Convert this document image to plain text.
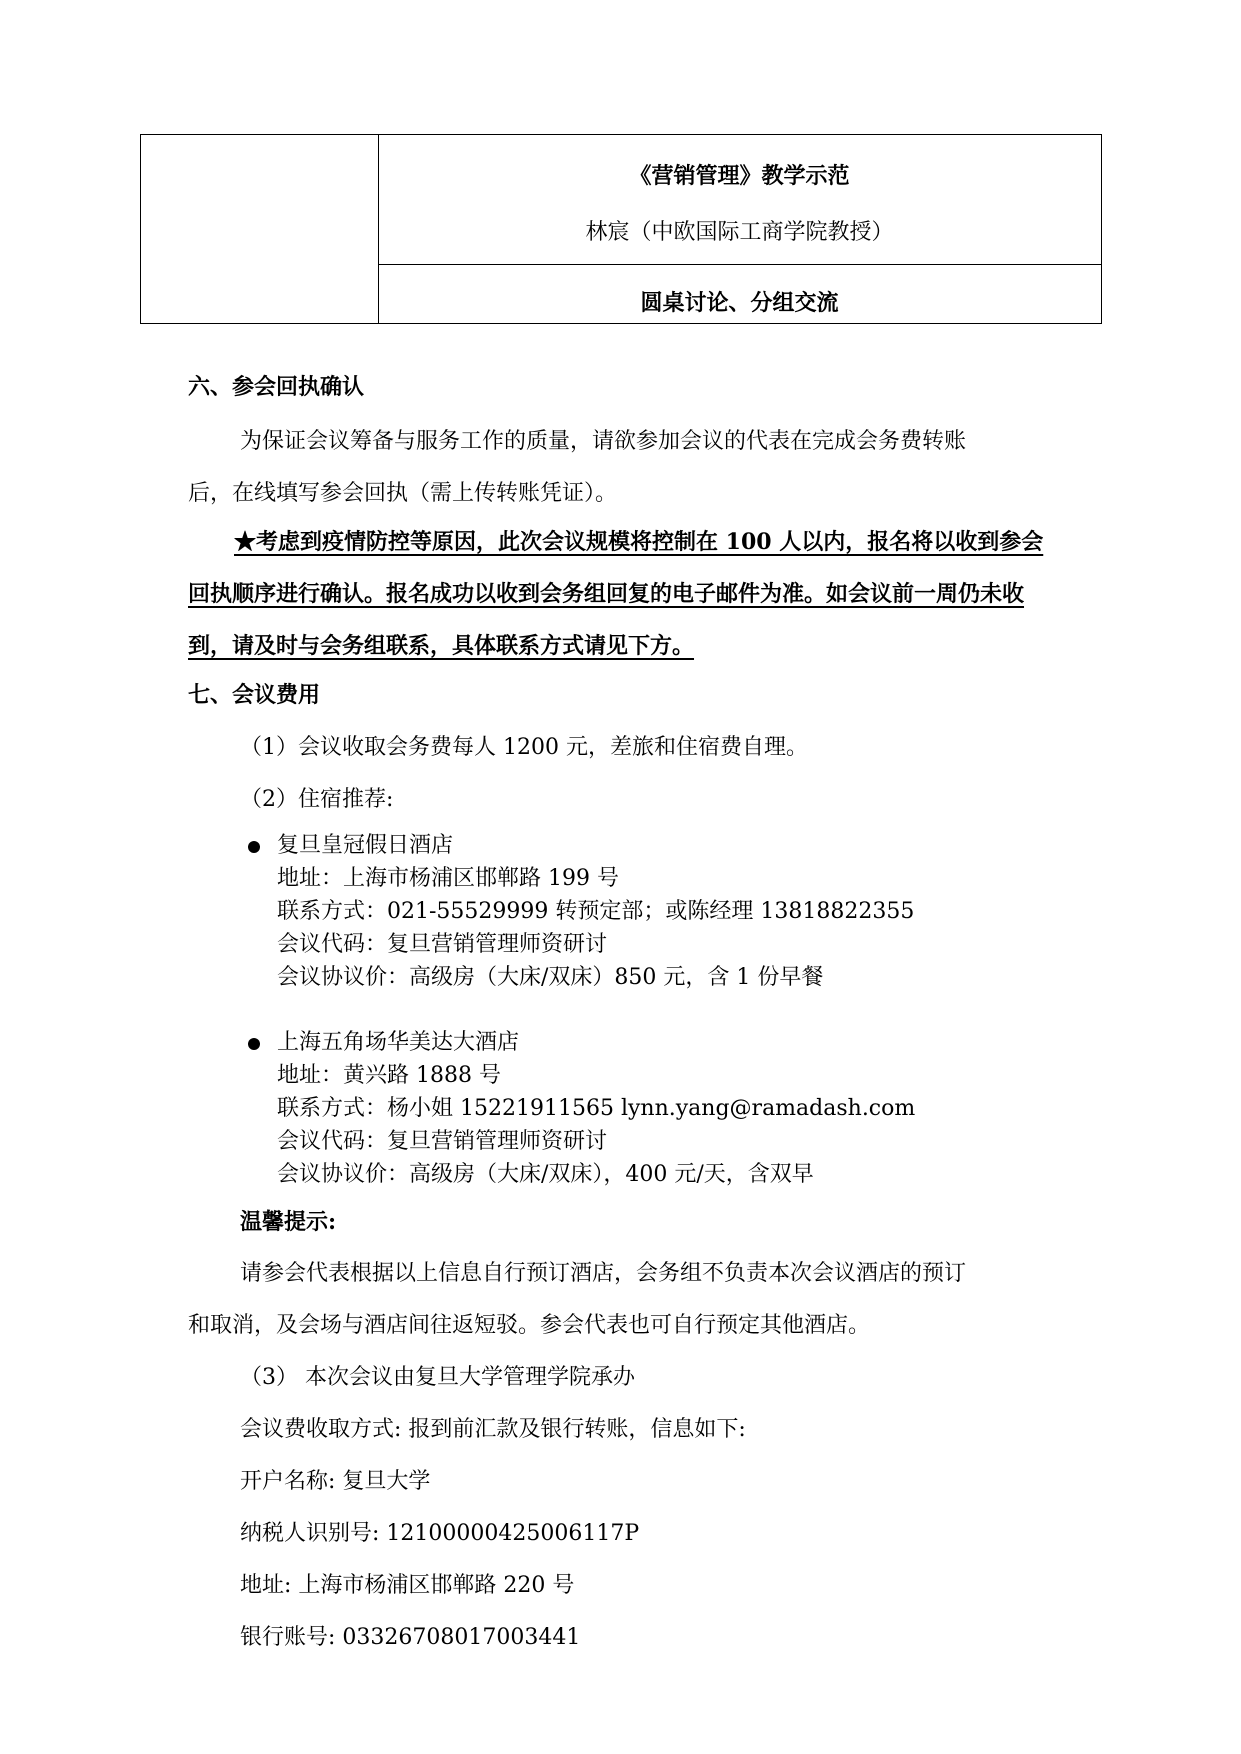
《营销管理》教学示范
林宸（中欧国际工商学院教授）
圆桌讨论、分组交流
六、参会回执确认
为保证会议筹备与服务工作的质量，请欲参加会议的代表在完成会务费转账
后，在线填写参会回执（需上传转账凭证）。
★考虑到疫情防控等原因，此次会议规模将控制在 100 人以内，报名将以收到参会
回执顺序进行确认。报名成功以收到会务组回复的电子邮件为准。如会议前一周仍未收
到，请及时与会务组联系，具体联系方式请见下方。
七、会议费用
（1）会议收取会务费每人 1200 元，差旅和住宿费自理。
（2）住宿推荐:
复旦皇冠假日酒店
地址：上海市杨浦区邯郸路 199 号
联系方式：021-55529999 转预定部；或陈经理 13818822355
会议代码：复旦营销管理师资研讨
会议协议价：高级房（大床/双床）850 元，含 1 份早餐
上海五角场华美达大酒店
地址：黄兴路 1888 号
联系方式：杨小姐 15221911565 lynn.yang@ramadash.com
会议代码：复旦营销管理师资研讨
会议协议价：高级房（大床/双床），400 元/天，含双早
温馨提示:
请参会代表根据以上信息自行预订酒店，会务组不负责本次会议酒店的预订
和取消，及会场与酒店间往返短驳。参会代表也可自行预定其他酒店。
（3） 本次会议由复旦大学管理学院承办
会议费收取方式: 报到前汇款及银行转账，信息如下:
开户名称: 复旦大学
纳税人识别号: 12100000425006117P
地址: 上海市杨浦区邯郸路 220 号
银行账号: 03326708017003441
